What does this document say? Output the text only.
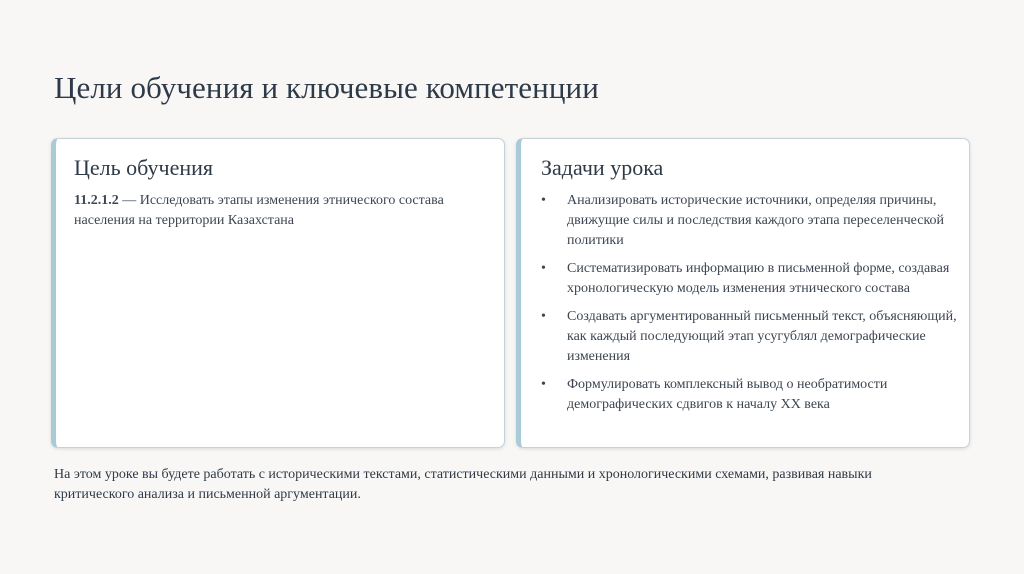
Цели обучения и ключевые компетенции
Цель обучения
11.2.1.2 — Исследовать этапы изменения этнического состава населения на территории Казахстана
Задачи урока
• Анализировать исторические источники, определяя причины, движущие силы и последствия каждого этапа переселенческой политики
• Систематизировать информацию в письменной форме, создавая хронологическую модель изменения этнического состава
• Создавать аргументированный письменный текст, объясняющий, как каждый последующий этап усугублял демографические изменения
• Формулировать комплексный вывод о необратимости демографических сдвигов к началу XX века
На этом уроке вы будете работать с историческими текстами, статистическими данными и хронологическими схемами, развивая навыки критического анализа и письменной аргументации.
